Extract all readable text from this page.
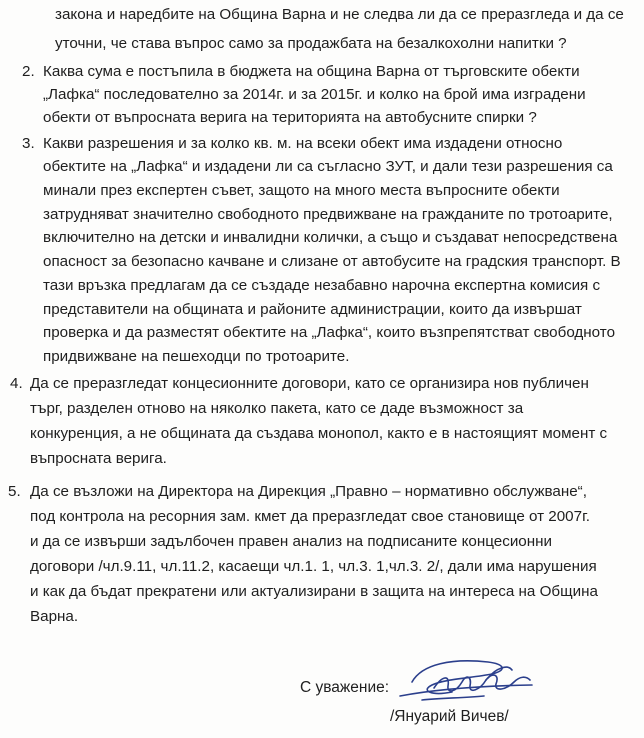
закона и наредбите на Община Варна и не следва ли да се преразгледа и да се
уточни, че става въпрос само за продажбата на безалкохолни напитки ?
2. Каква сума е постъпила в бюджета на община Варна от търговските обекти
„Лафка“ последователно за 2014г. и за 2015г. и колко на брой има изградени
обекти от въпросната верига на територията на автобусните спирки ?
3. Какви разрешения и за колко кв. м. на всеки обект има издадени относно
обектите на „Лафка“ и издадени ли са съгласно ЗУТ, и дали тези разрешения са
минали през експертен съвет, защото на много места въпросните обекти
затрудняват значително свободното предвижване на гражданите по тротоарите,
включително на детски и инвалидни колички, а също и създават непосредствена
опасност за безопасно качване и слизане от автобусите на градския транспорт. В
тази връзка предлагам да се създаде незабавно нарочна експертна комисия с
представители на общината и районите администрации, които да извършат
проверка и да разместят обектите на „Лафка“, които възпрепятстват свободното
придвижване на пешеходци по тротоарите.
4. Да се преразгледат концесионните договори, като се организира нов публичен
търг, разделен отново на няколко пакета, като се даде възможност за
конкуренция, а не общината да създава монопол, както е в настоящият момент с
въпросната верига.
5. Да се възложи на Директора на Дирекция „Правно – нормативно обслужване“,
под контрола на ресорния зам. кмет да преразгледат свое становище от 2007г.
и да се извърши задълбочен правен анализ на подписаните концесионни
договори /чл.9.11, чл.11.2, касаещи чл.1. 1, чл.3. 1,чл.3. 2/, дали има нарушения
и как да бъдат прекратени или актуализирани в защита на интереса на Община
Варна.
С уважение:
/Януарий Вичев/
